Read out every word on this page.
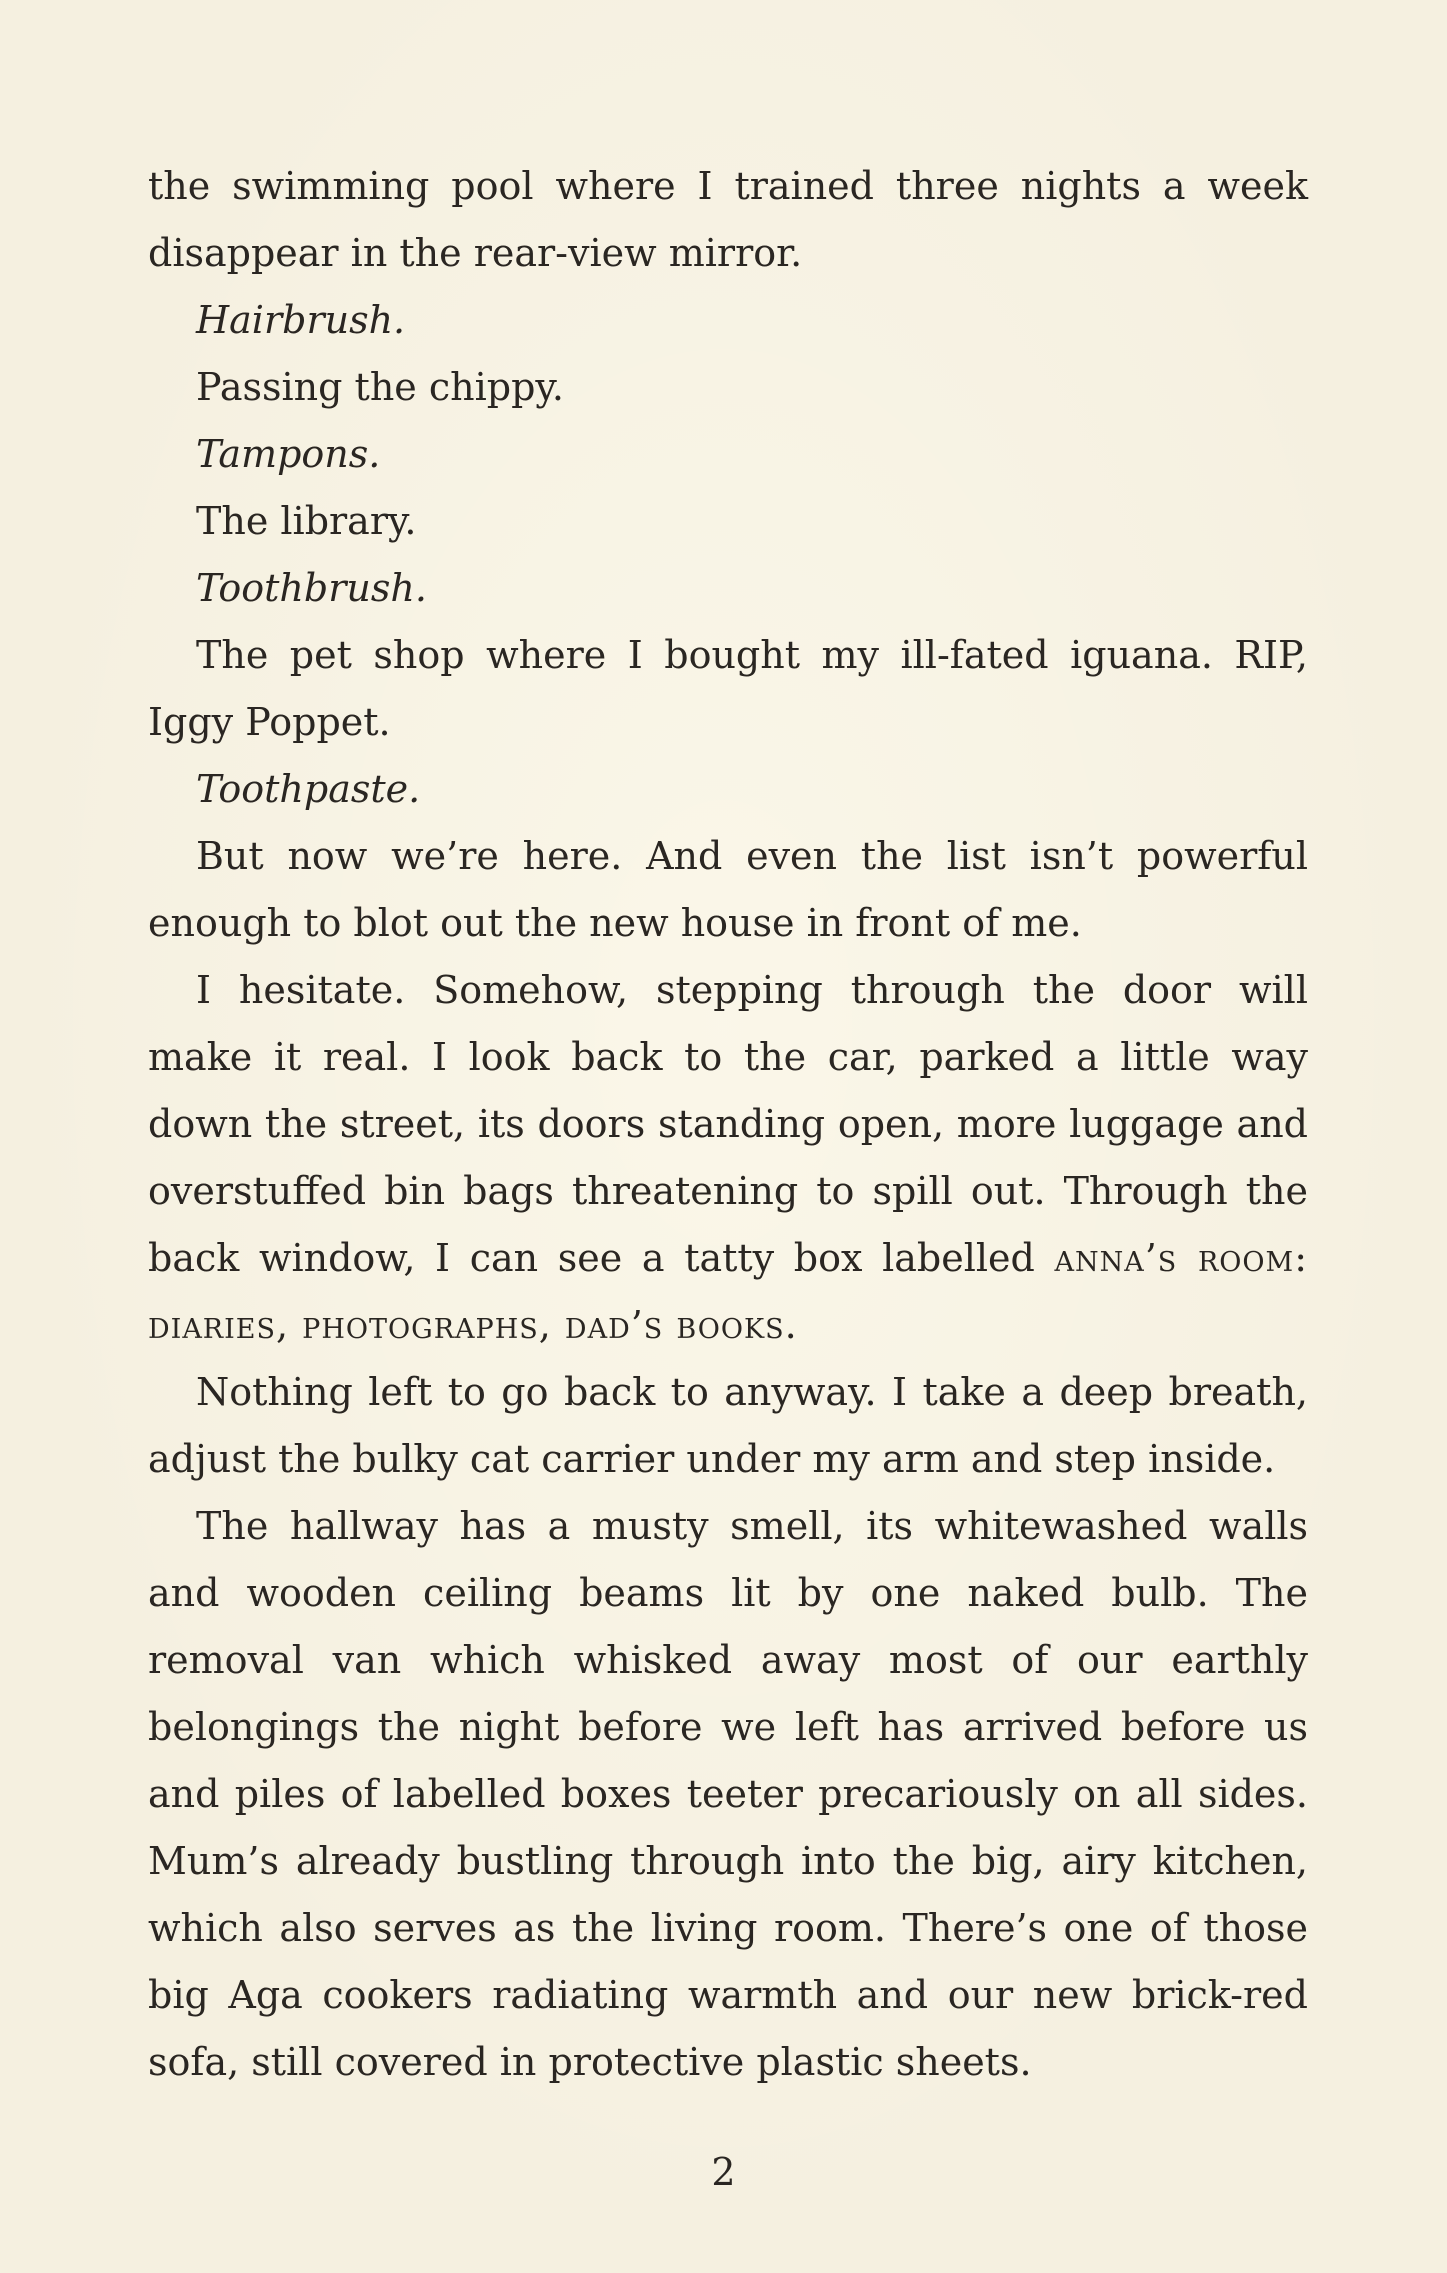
the swimming pool where I trained three nights a week disappear in the rear-view mirror.

Hairbrush.

Passing the chippy.

Tampons.

The library.

Toothbrush.

The pet shop where I bought my ill-fated iguana. RIP, Iggy Poppet.

Toothpaste.

But now we’re here. And even the list isn’t powerful enough to blot out the new house in front of me.

I hesitate. Somehow, stepping through the door will make it real. I look back to the car, parked a little way down the street, its doors standing open, more luggage and overstuffed bin bags threatening to spill out. Through the back window, I can see a tatty box labelled anna’s room: diaries, photographs, dad’s books.

Nothing left to go back to anyway. I take a deep breath, adjust the bulky cat carrier under my arm and step inside.

The hallway has a musty smell, its whitewashed walls and wooden ceiling beams lit by one naked bulb. The removal van which whisked away most of our earthly belongings the night before we left has arrived before us and piles of labelled boxes teeter precariously on all sides. Mum’s already bustling through into the big, airy kitchen, which also serves as the living room. There’s one of those big Aga cookers radiating warmth and our new brick-red sofa, still covered in protective plastic sheets.

2
